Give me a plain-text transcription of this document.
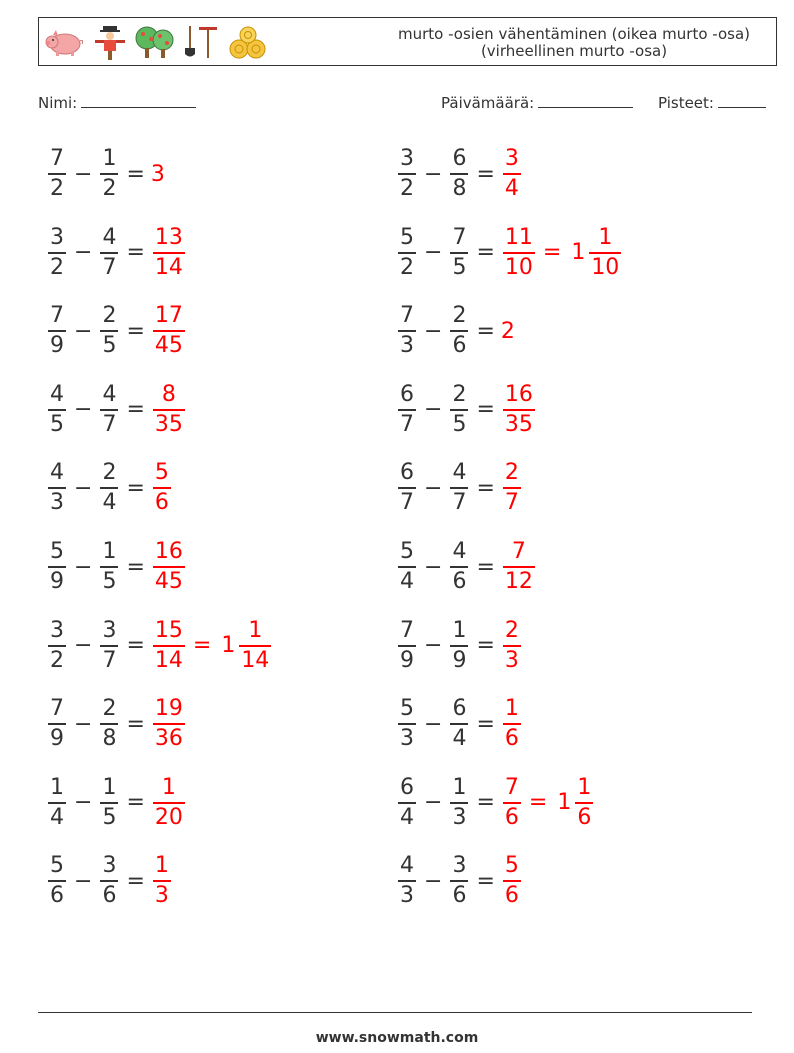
murto -osien vähentäminen (oikea murto -osa) (virheellinen murto -osa)
Nimi:	Päivämäärä:	Pisteet:
$\frac{7}{2} - \frac{1}{2} = 3$
$\frac{3}{2} - \frac{4}{7} = \frac{13}{14}$
$\frac{7}{9} - \frac{2}{5} = \frac{17}{45}$
$\frac{4}{5} - \frac{4}{7} = \frac{8}{35}$
$\frac{4}{3} - \frac{2}{4} = \frac{5}{6}$
$\frac{5}{9} - \frac{1}{5} = \frac{16}{45}$
$\frac{3}{2} - \frac{3}{7} = \frac{15}{14} = 1 \frac{1}{14}$
$\frac{7}{9} - \frac{2}{8} = \frac{19}{36}$
$\frac{1}{4} - \frac{1}{5} = \frac{1}{20}$
$\frac{5}{6} - \frac{3}{6} = \frac{1}{3}$
$\frac{3}{2} - \frac{6}{8} = \frac{3}{4}$
$\frac{5}{2} - \frac{7}{5} = \frac{11}{10} = 1 \frac{1}{10}$
$\frac{7}{3} - \frac{2}{6} = 2$
$\frac{6}{7} - \frac{2}{5} = \frac{16}{35}$
$\frac{6}{7} - \frac{4}{7} = \frac{2}{7}$
$\frac{5}{4} - \frac{4}{6} = \frac{7}{12}$
$\frac{7}{9} - \frac{1}{9} = \frac{2}{3}$
$\frac{5}{3} - \frac{6}{4} = \frac{1}{6}$
$\frac{6}{4} - \frac{1}{3} = \frac{7}{6} = 1 \frac{1}{6}$
$\frac{4}{3} - \frac{3}{6} = \frac{5}{6}$
www.snowmath.com
